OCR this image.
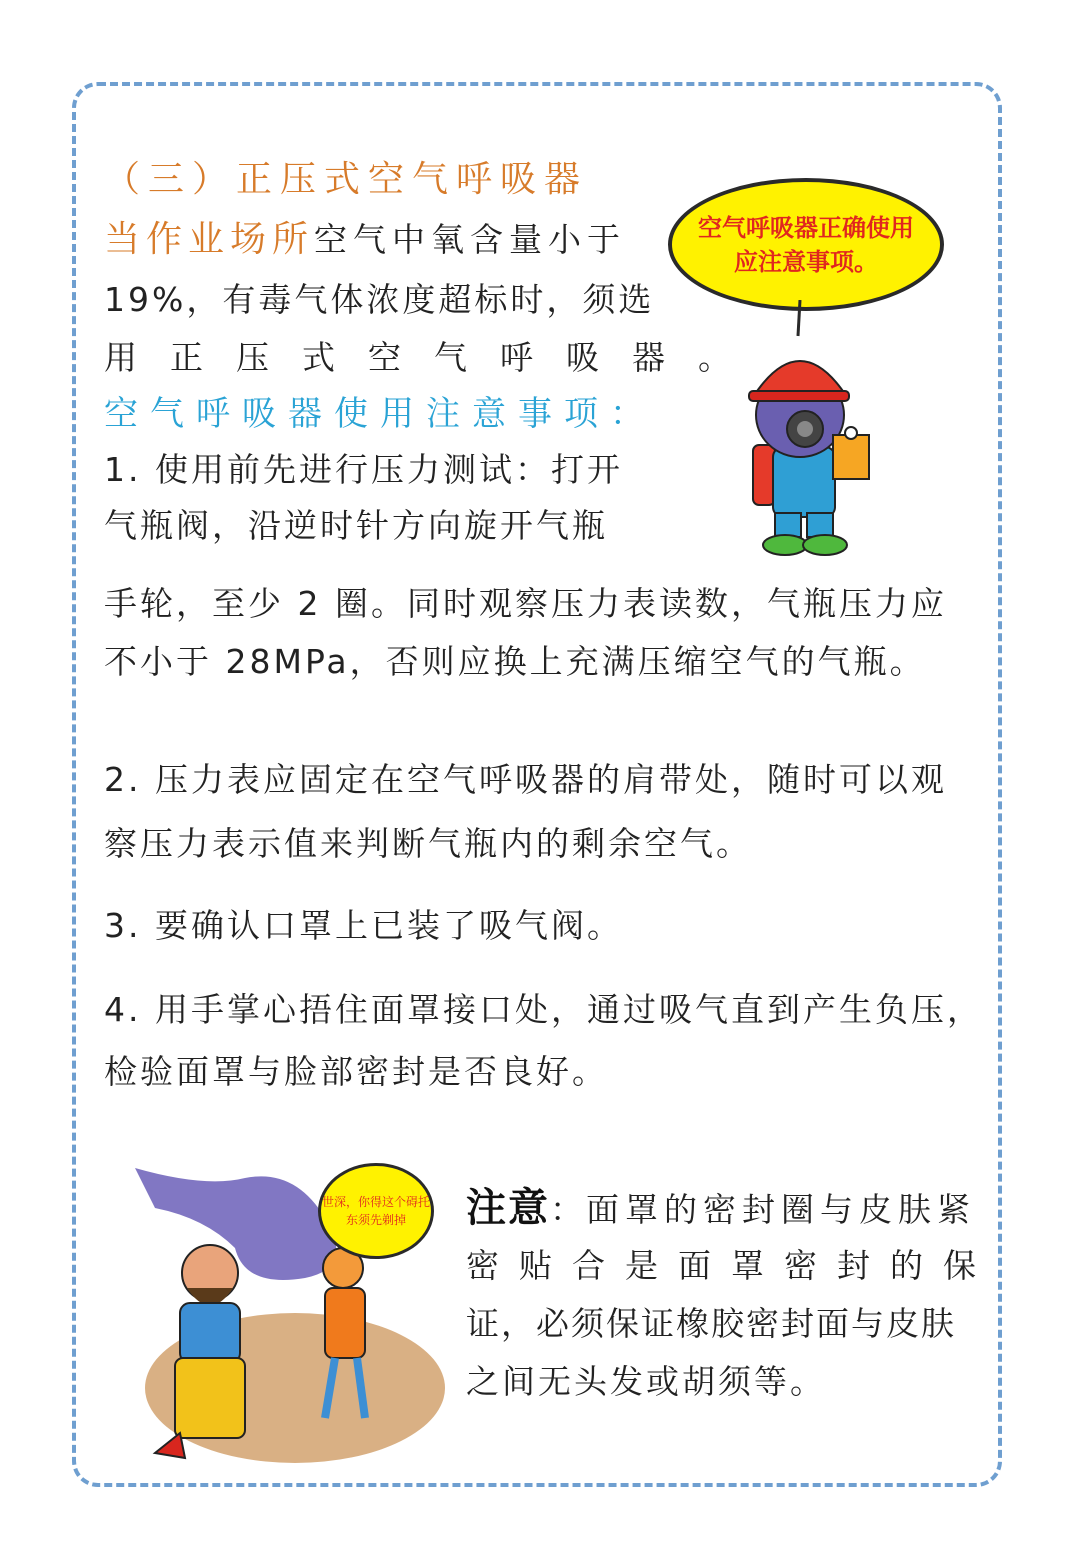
（三）正压式空气呼吸器
当作业场所空气中氧含量小于
19%，有毒气体浓度超标时，须选
用正压式空气呼吸器。
空气呼吸器使用注意事项：
1. 使用前先进行压力测试：打开
气瓶阀，沿逆时针方向旋开气瓶
手轮，至少 2 圈。同时观察压力表读数，气瓶压力应
不小于 28MPa，否则应换上充满压缩空气的气瓶。
2. 压力表应固定在空气呼吸器的肩带处，随时可以观
察压力表示值来判断气瓶内的剩余空气。
3. 要确认口罩上已装了吸气阀。
4. 用手掌心捂住面罩接口处，通过吸气直到产生负压，
检验面罩与脸部密封是否良好。
空气呼吸器正确使用
应注意事项。
世深，你得这个碍托
东须先剃掉 注意：面罩的密封圈与皮肤紧
密贴合是面罩密封的保
证，必须保证橡胶密封面与皮肤
之间无头发或胡须等。
